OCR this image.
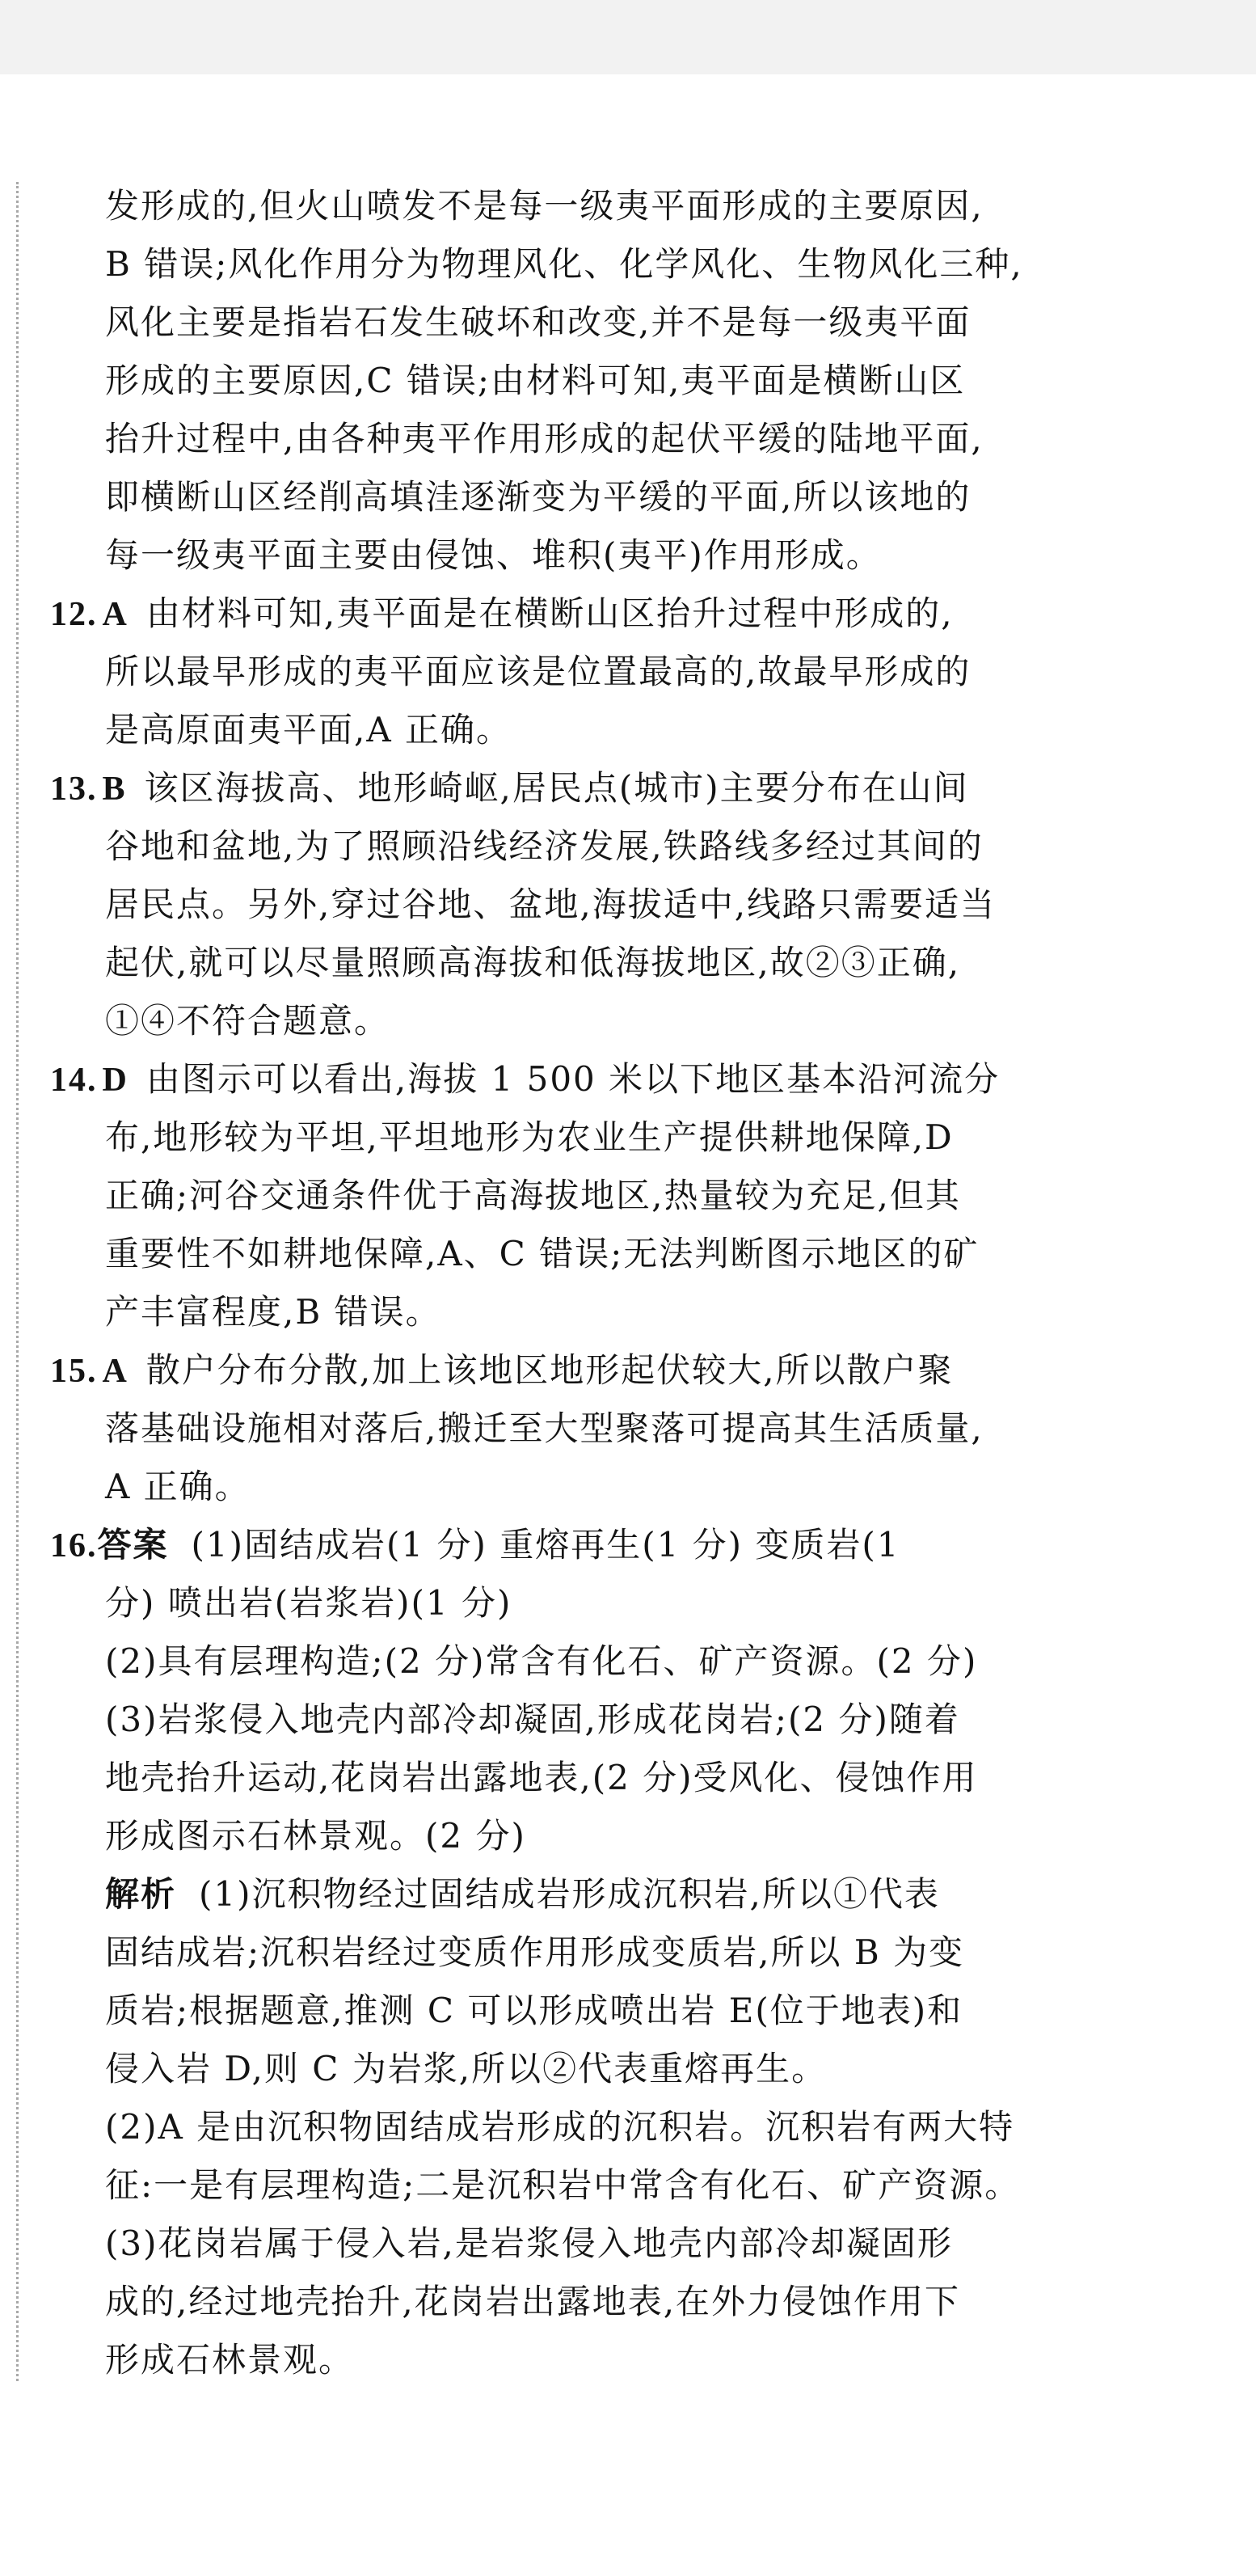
发形成的,但火山喷发不是每一级夷平面形成的主要原因,

B 错误;风化作用分为物理风化、化学风化、生物风化三种,

风化主要是指岩石发生破坏和改变,并不是每一级夷平面

形成的主要原因,C 错误;由材料可知,夷平面是横断山区

抬升过程中,由各种夷平作用形成的起伏平缓的陆地平面,

即横断山区经削高填洼逐渐变为平缓的平面,所以该地的

每一级夷平面主要由侵蚀、堆积(夷平)作用形成。

12. A 由材料可知,夷平面是在横断山区抬升过程中形成的,

所以最早形成的夷平面应该是位置最高的,故最早形成的

是高原面夷平面,A 正确。

13. B 该区海拔高、地形崎岖,居民点(城市)主要分布在山间

谷地和盆地,为了照顾沿线经济发展,铁路线多经过其间的

居民点。另外,穿过谷地、盆地,海拔适中,线路只需要适当

起伏,就可以尽量照顾高海拔和低海拔地区,故②③正确,

①④不符合题意。

14. D 由图示可以看出,海拔 1 500 米以下地区基本沿河流分

布,地形较为平坦,平坦地形为农业生产提供耕地保障,D

正确;河谷交通条件优于高海拔地区,热量较为充足,但其

重要性不如耕地保障,A、C 错误;无法判断图示地区的矿

产丰富程度,B 错误。

15. A 散户分布分散,加上该地区地形起伏较大,所以散户聚

落基础设施相对落后,搬迁至大型聚落可提高其生活质量,

A 正确。

16.答案 (1)固结成岩(1 分) 重熔再生(1 分) 变质岩(1

分) 喷出岩(岩浆岩)(1 分)

(2)具有层理构造;(2 分)常含有化石、矿产资源。(2 分)

(3)岩浆侵入地壳内部冷却凝固,形成花岗岩;(2 分)随着

地壳抬升运动,花岗岩出露地表,(2 分)受风化、侵蚀作用

形成图示石林景观。(2 分)

解析 (1)沉积物经过固结成岩形成沉积岩,所以①代表

固结成岩;沉积岩经过变质作用形成变质岩,所以 B 为变

质岩;根据题意,推测 C 可以形成喷出岩 E(位于地表)和

侵入岩 D,则 C 为岩浆,所以②代表重熔再生。

(2)A 是由沉积物固结成岩形成的沉积岩。沉积岩有两大特

征:一是有层理构造;二是沉积岩中常含有化石、矿产资源。

(3)花岗岩属于侵入岩,是岩浆侵入地壳内部冷却凝固形

成的,经过地壳抬升,花岗岩出露地表,在外力侵蚀作用下

形成石林景观。
